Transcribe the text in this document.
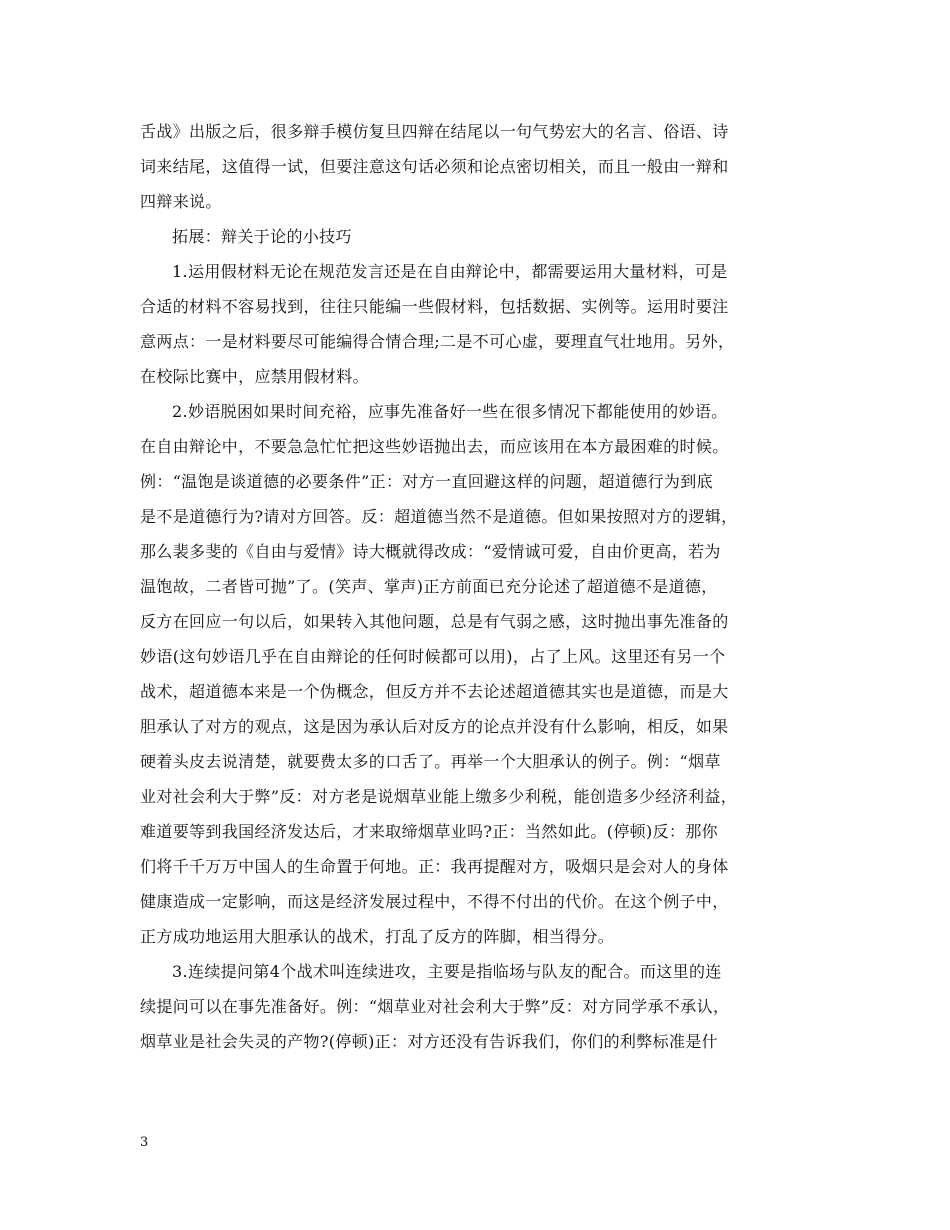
舌战》出版之后，很多辩手模仿复旦四辩在结尾以一句气势宏大的名言、俗语、诗
词来结尾，这值得一试，但要注意这句话必须和论点密切相关，而且一般由一辩和
四辩来说。
拓展：辩关于论的小技巧
1.运用假材料无论在规范发言还是在自由辩论中，都需要运用大量材料，可是
合适的材料不容易找到，往往只能编一些假材料，包括数据、实例等。运用时要注
意两点：一是材料要尽可能编得合情合理;二是不可心虚，要理直气壮地用。另外，
在校际比赛中，应禁用假材料。
2.妙语脱困如果时间充裕，应事先准备好一些在很多情况下都能使用的妙语。
在自由辩论中，不要急急忙忙把这些妙语抛出去，而应该用在本方最困难的时候。
例：“温饱是谈道德的必要条件”正：对方一直回避这样的问题，超道德行为到底
是不是道德行为?请对方回答。反：超道德当然不是道德。但如果按照对方的逻辑，
那么裴多斐的《自由与爱情》诗大概就得改成：“爱情诚可爱，自由价更高，若为
温饱故，二者皆可抛”了。(笑声、掌声)正方前面已充分论述了超道德不是道德，
反方在回应一句以后，如果转入其他问题，总是有气弱之感，这时抛出事先准备的
妙语(这句妙语几乎在自由辩论的任何时候都可以用)，占了上风。这里还有另一个
战术，超道德本来是一个伪概念，但反方并不去论述超道德其实也是道德，而是大
胆承认了对方的观点，这是因为承认后对反方的论点并没有什么影响，相反，如果
硬着头皮去说清楚，就要费太多的口舌了。再举一个大胆承认的例子。例：“烟草
业对社会利大于弊”反：对方老是说烟草业能上缴多少利税，能创造多少经济利益，
难道要等到我国经济发达后，才来取缔烟草业吗?正：当然如此。(停顿)反：那你
们将千千万万中国人的生命置于何地。正：我再提醒对方，吸烟只是会对人的身体
健康造成一定影响，而这是经济发展过程中，不得不付出的代价。在这个例子中，
正方成功地运用大胆承认的战术，打乱了反方的阵脚，相当得分。
3.连续提问第4个战术叫连续进攻，主要是指临场与队友的配合。而这里的连
续提问可以在事先准备好。例：“烟草业对社会利大于弊”反：对方同学承不承认，
烟草业是社会失灵的产物?(停顿)正：对方还没有告诉我们，你们的利弊标准是什
3
